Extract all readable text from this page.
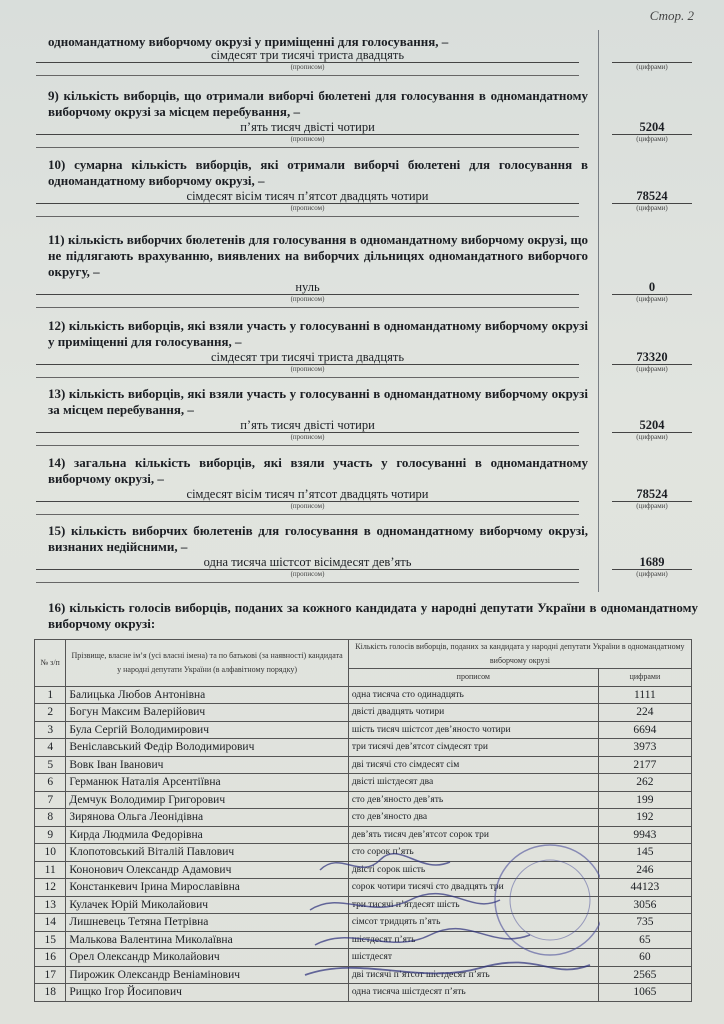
Стор. 2
одномандатному виборчому окрузі у приміщенні для голосування, –
сімдесят три тисячі триста двадцять
(прописом)	(цифрами)
9) кількість виборців, що отримали виборчі бюлетені для голосування в одномандатному виборчому окрузі за місцем перебування, –
п’ять тисяч двісті чотири
(прописом)
5204
(цифрами)
10) сумарна кількість виборців, які отримали виборчі бюлетені для голосування в одномандатному виборчому окрузі, –
сімдесят вісім тисяч п’ятсот двадцять чотири
(прописом)
78524
(цифрами)
11) кількість виборчих бюлетенів для голосування в одномандатному виборчому окрузі, що не підлягають врахуванню, виявлених на виборчих дільницях одномандатного виборчого округу, –
нуль
(прописом)
0
(цифрами)
12) кількість виборців, які взяли участь у голосуванні в одномандатному виборчому окрузі у приміщенні для голосування, –
сімдесят три тисячі триста двадцять
(прописом)
73320
(цифрами)
13) кількість виборців, які взяли участь у голосуванні в одномандатному виборчому окрузі за місцем перебування, –
п’ять тисяч двісті чотири
(прописом)
5204
(цифрами)
14) загальна кількість виборців, які взяли участь у голосуванні в одномандатному виборчому окрузі, –
сімдесят вісім тисяч п’ятсот двадцять чотири
(прописом)
78524
(цифрами)
15) кількість виборчих бюлетенів для голосування в одномандатному виборчому окрузі, визнаних недійсними, –
одна тисяча шістсот вісімдесят дев’ять
(прописом)
1689
(цифрами)
16) кількість голосів виборців, поданих за кожного кандидата у народні депутати України в одномандатному виборчому окрузі:
№ з/п	Прізвище, власне ім’я (усі власні імена) та по батькові (за наявності) кандидата у народні депутати України (в алфавітному порядку)	Кількість голосів виборців, поданих за кандидата у народні депутати України в одномандатному виборчому окрузі	
		прописом	цифрами
1	Балицька Любов Антонівна	одна тисяча сто одинадцять	1111
2	Богун Максим Валерійович	двісті двадцять чотири	224
3	Була Сергій Володимирович	шість тисяч шістсот дев’яносто чотири	6694
4	Веніславський Федір Володимирович	три тисячі дев’ятсот сімдесят три	3973
5	Вовк Іван Іванович	дві тисячі сто сімдесят сім	2177
6	Германюк Наталія Арсентіївна	двісті шістдесят два	262
7	Демчук Володимир Григорович	сто дев’яносто дев’ять	199
8	Зирянова Ольга Леонідівна	сто дев’яносто два	192
9	Кирда Людмила Федорівна	дев’ять тисяч дев’ятсот сорок три	9943
10	Клопотовський Віталій Павлович	сто сорок п’ять	145
11	Кононович Олександр Адамович	двісті сорок шість	246
12	Констанкевич Ірина Мирославівна	сорок чотири тисячі сто двадцять три	44123
13	Кулачек Юрій Миколайович	три тисячі п’ятдесят шість	3056
14	Лишневець Тетяна Петрівна	сімсот тридцять п’ять	735
15	Малькова Валентина Миколаївна	шістдесят п’ять	65
16	Орел Олександр Миколайович	шістдесят	60
17	Пирожик Олександр Веніамінович	дві тисячі п’ятсот шістдесят п’ять	2565
18	Рищко Ігор Йосипович	одна тисяча шістдесят п’ять	1065
